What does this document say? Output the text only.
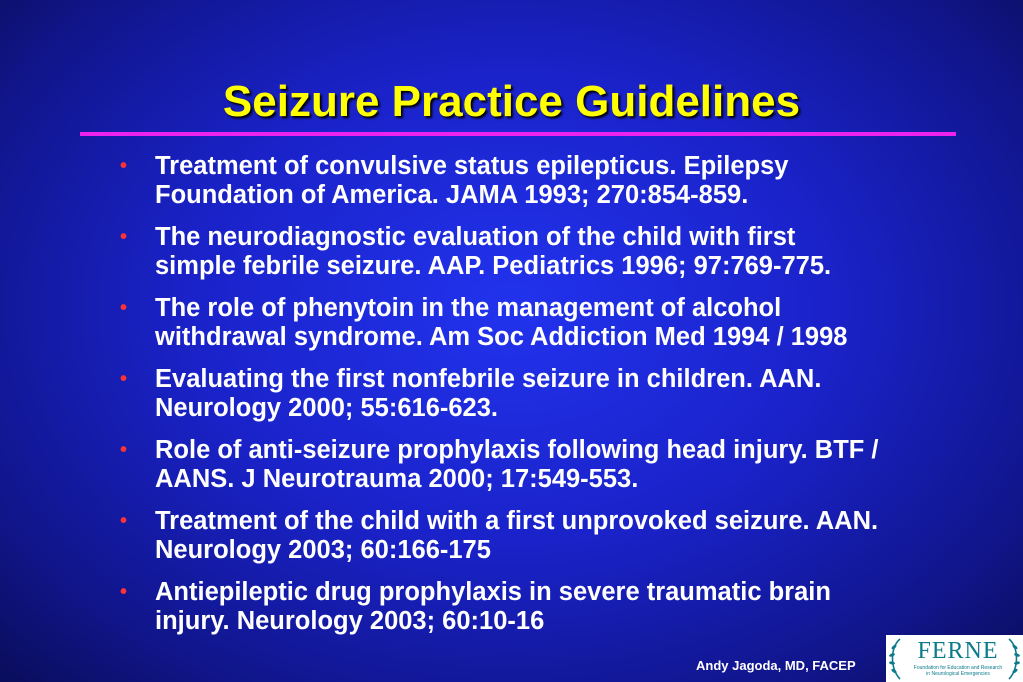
Seizure Practice Guidelines
• Treatment of convulsive status epilepticus. Epilepsy
Foundation of America. JAMA 1993; 270:854-859.
• The neurodiagnostic evaluation of the child with first
simple febrile seizure. AAP. Pediatrics 1996; 97:769-775.
• The role of phenytoin in the management of alcohol
withdrawal syndrome. Am Soc Addiction Med 1994 / 1998
• Evaluating the first nonfebrile seizure in children. AAN.
Neurology 2000; 55:616-623.
• Role of anti-seizure prophylaxis following head injury. BTF /
AANS. J Neurotrauma 2000; 17:549-553.
• Treatment of the child with a first unprovoked seizure. AAN.
Neurology 2003; 60:166-175
• Antiepileptic drug prophylaxis in severe traumatic brain
injury. Neurology 2003; 60:10-16
Andy Jagoda, MD, FACEP
FERNE
Foundation for Education and Research
in Neurological Emergencies
